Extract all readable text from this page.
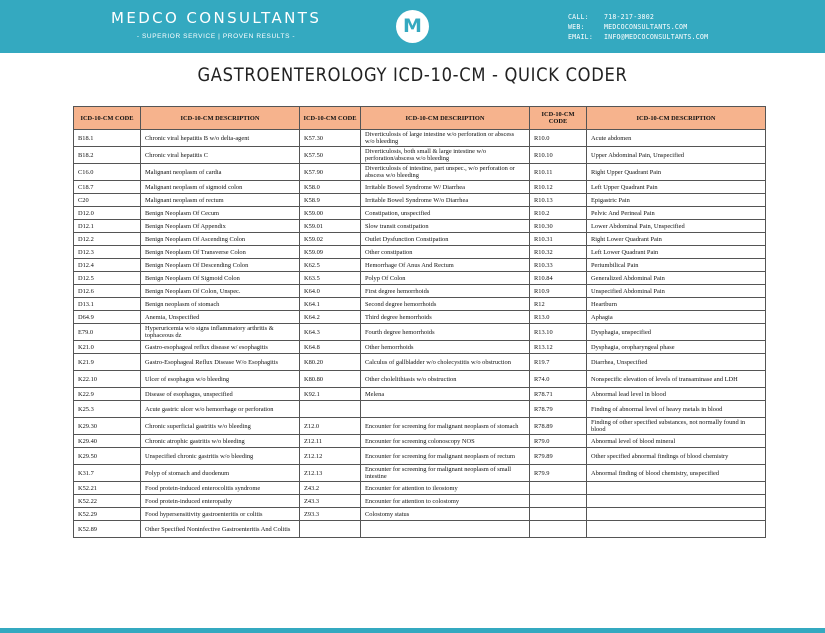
MEDCO CONSULTANTS
- SUPERIOR SERVICE | PROVEN RESULTS -	M	CALL: 718-217-3802
WEB:	MEDCOCONSULTANTS.COM
EMAIL: INFO@MEDCOCONSULTANTS.COM
GASTROENTEROLOGY ICD-10-CM - QUICK CODER
ICD-10-CM CODE	ICD-10-CM DESCRIPTION	ICD-10-CM CODE	ICD-10-CM DESCRIPTION	ICD-10-CM CODE	ICD-10-CM DESCRIPTION
B18.1	Chronic viral hepatitis B w/o delta-agent	K57.30	Diverticulosis of large intestine w/o perforation or abscess w/o bleeding	R10.0	Acute abdomen
B18.2	Chronic viral hepatitis C	K57.50	Diverticulosis, both small & large intestine w/o perforation/abscess w/o bleeding	R10.10	Upper Abdominal Pain, Unspecified
C16.0	Malignant neoplasm of cardia	K57.90	Diverticulosis of intestine, part unspec., w/o perforation or abscess w/o bleeding	R10.11	Right Upper Quadrant Pain
C18.7	Malignant neoplasm of sigmoid colon	K58.0	Irritable Bowel Syndrome W/ Diarrhea	R10.12	Left Upper Quadrant Pain
C20	Malignant neoplasm of rectum	K58.9	Irritable Bowel Syndrome W/o Diarrhea	R10.13	Epigastric Pain
D12.0	Benign Neoplasm Of Cecum	K59.00	Constipation, unspecified	R10.2	Pelvic And Perineal Pain
D12.1	Benign Neoplasm Of Appendix	K59.01	Slow transit constipation	R10.30	Lower Abdominal Pain, Unspecified
D12.2	Benign Neoplasm Of Ascending Colon	K59.02	Outlet Dysfunction Constipation	R10.31	Right Lower Quadrant Pain
D12.3	Benign Neoplasm Of Transverse Colon	K59.09	Other constipation	R10.32	Left Lower Quadrant Pain
D12.4	Benign Neoplasm Of Descending Colon	K62.5	Hemorrhage Of Anus And Rectum	R10.33	Periumbilical Pain
D12.5	Benign Neoplasm Of Sigmoid Colon	K63.5	Polyp Of Colon	R10.84	Generalized Abdominal Pain
D12.6	Benign Neoplasm Of Colon, Unspec.	K64.0	First degree hemorrhoids	R10.9	Unspecified Abdominal Pain
D13.1	Benign neoplasm of stomach	K64.1	Second degree hemorrhoids	R12	Heartburn
D64.9	Anemia, Unspecified	K64.2	Third degree hemorrhoids	R13.0	Aphagia
E79.0	Hyperuricemia w/o signs inflammatory arthritis & tophaceous dz	K64.3	Fourth degree hemorrhoids	R13.10	Dysphagia, unspecified
K21.0	Gastro-esophageal reflux disease w/ esophagitis	K64.8	Other hemorrhoids	R13.12	Dysphagia, oropharyngeal phase
K21.9	Gastro-Esophageal Reflux Disease W/o Esophagitis	K80.20	Calculus of gallbladder w/o cholecystitis w/o obstruction	R19.7	Diarrhea, Unspecified
K22.10	Ulcer of esophagus w/o bleeding	K80.80	Other cholelithiasis w/o obstruction	R74.0	Nonspecific elevation of levels of transaminase and LDH
K22.9	Disease of esophagus, unspecified	K92.1	Melena	R78.71	Abnormal lead level in blood
K25.3	Acute gastric ulcer w/o hemorrhage or perforation			R78.79	Finding of abnormal level of heavy metals in blood
K29.30	Chronic superficial gastritis w/o bleeding	Z12.0	Encounter for screening for malignant neoplasm of stomach	R78.89	Finding of other specified substances, not normally found in blood
K29.40	Chronic atrophic gastritis w/o bleeding	Z12.11	Encounter for screening colonoscopy NOS	R79.0	Abnormal level of blood mineral
K29.50	Unspecified chronic gastritis w/o bleeding	Z12.12	Encounter for screening for malignant neoplasm of rectum	R79.89	Other specified abnormal findings of blood chemistry
K31.7	Polyp of stomach and duodenum	Z12.13	Encounter for screening for malignant neoplasm of small intestine	R79.9	Abnormal finding of blood chemistry, unspecified
K52.21	Food protein-induced enterocolitis syndrome	Z43.2	Encounter for attention to ileostomy		
K52.22	Food protein-induced enteropathy	Z43.3	Encounter for attention to colostomy		
K52.29	Food hypersensitivity gastroenteritis or colitis	Z93.3	Colostomy status		
K52.89	Other Specified Noninfective Gastroenteritis And Colitis				
